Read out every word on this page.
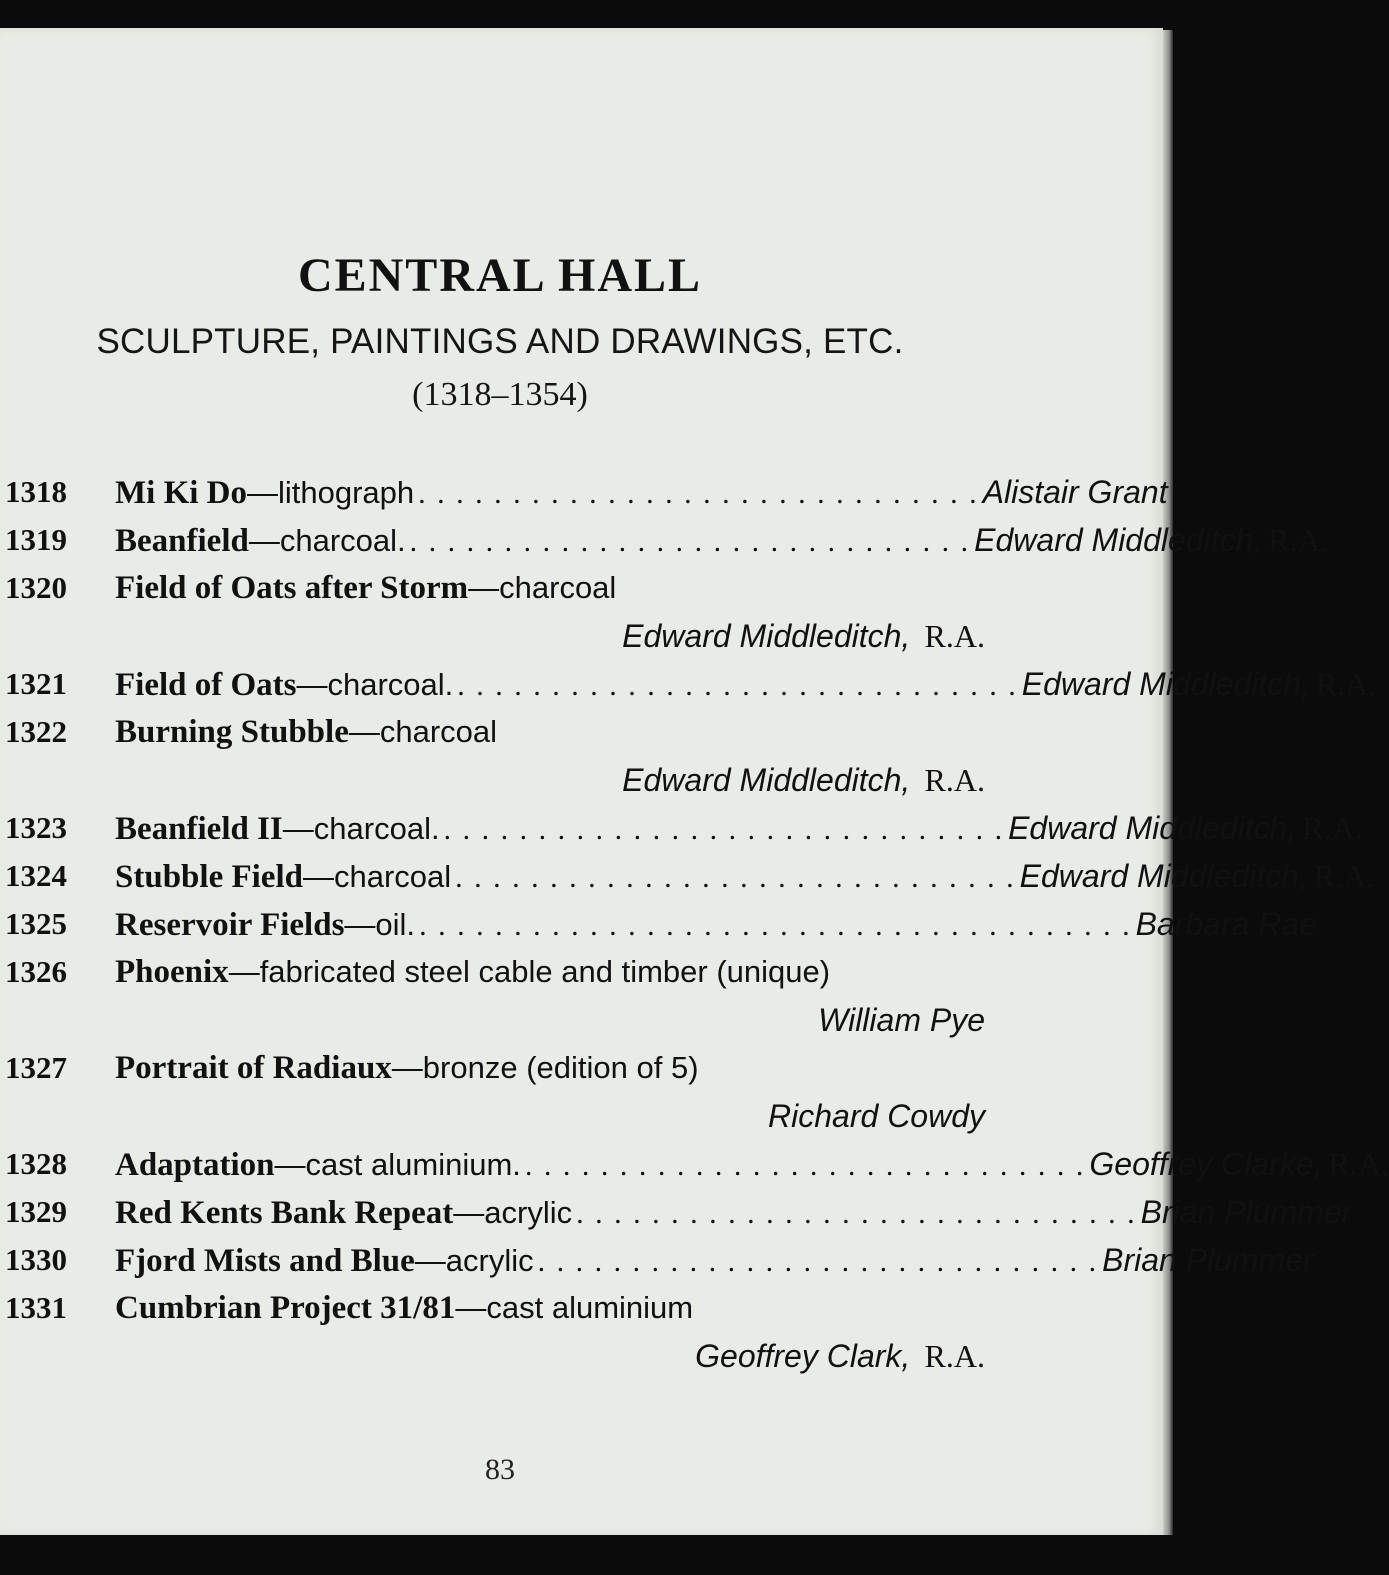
CENTRAL HALL
SCULPTURE, PAINTINGS AND DRAWINGS, ETC.
(1318–1354)
1318 Mi Ki Do —lithograph . . . . . . . . . . . . . . . . . . . . . . . . . . . . . . Alistair Grant
1319 Beanfield —charcoal. . . . . . . . . . . . . . . . . . . . . . . . . . . . . . . Edward Middleditch, R.A.
1320 Field of Oats after Storm —charcoal
Edward Middleditch, R.A.
1321 Field of Oats —charcoal. . . . . . . . . . . . . . . . . . . . . . . . . . . . . . . Edward Middleditch, R.A.
1322 Burning Stubble —charcoal
Edward Middleditch, R.A.
1323 Beanfield II —charcoal. . . . . . . . . . . . . . . . . . . . . . . . . . . . . . . Edward Middleditch, R.A.
1324 Stubble Field —charcoal . . . . . . . . . . . . . . . . . . . . . . . . . . . . . . Edward Middleditch, R.A.
1325 Reservoir Fields —oil. . . . . . . . . . . . . . . . . . . . . . . . . . . . . . . . . . . . . . . Barbara Rae
1326 Phoenix —fabricated steel cable and timber (unique)
William Pye
1327 Portrait of Radiaux —bronze (edition of 5)
Richard Cowdy
1328 Adaptation —cast aluminium. . . . . . . . . . . . . . . . . . . . . . . . . . . . . . . Geoffrey Clarke, R.A.
1329 Red Kents Bank Repeat —acrylic . . . . . . . . . . . . . . . . . . . . . . . . . . . . . . Brian Plummer
1330 Fjord Mists and Blue —acrylic . . . . . . . . . . . . . . . . . . . . . . . . . . . . . . Brian Plummer
1331 Cumbrian Project 31/81 —cast aluminium
Geoffrey Clark, R.A.
83
